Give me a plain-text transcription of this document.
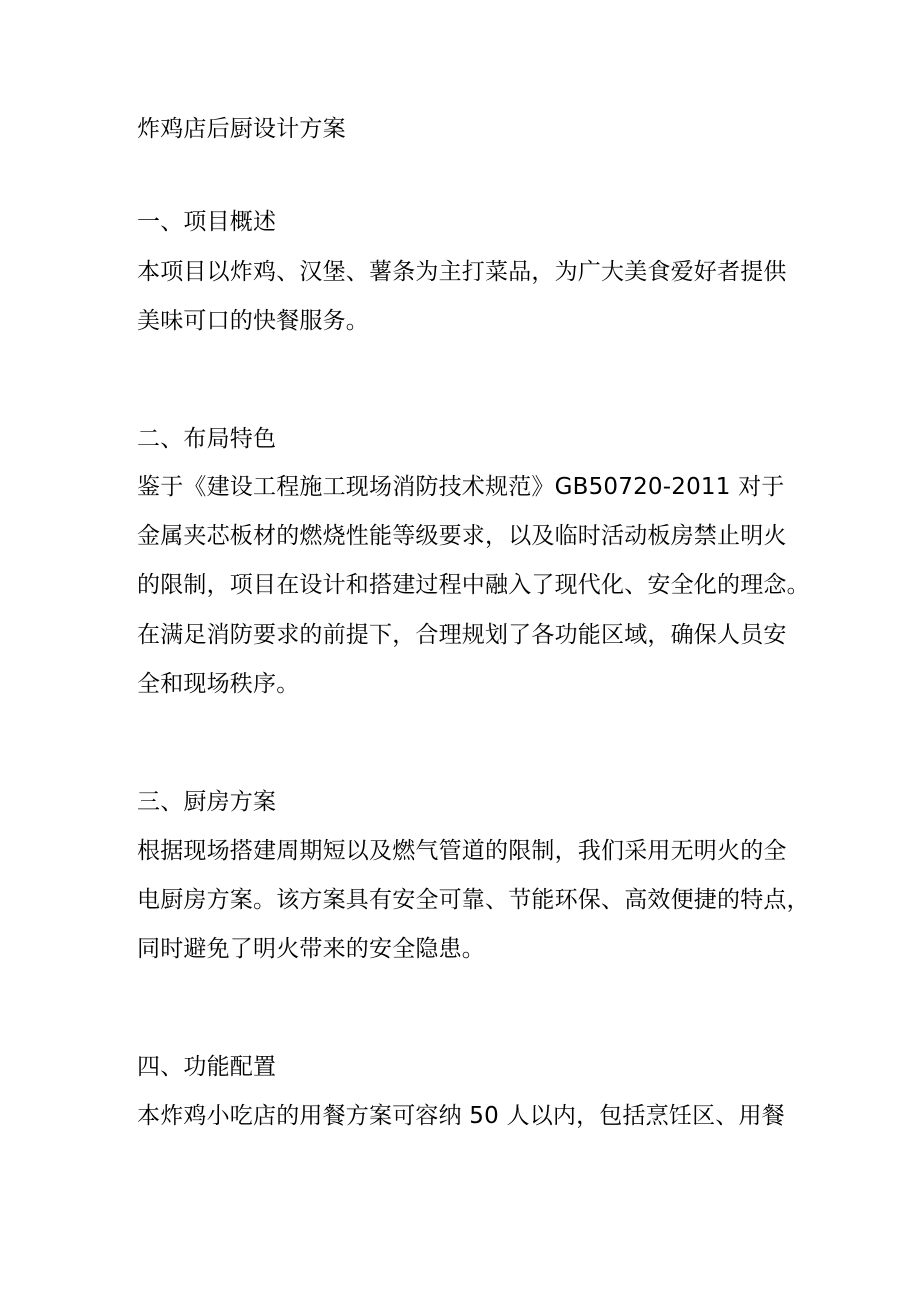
炸鸡店后厨设计方案
一、项目概述
本项目以炸鸡、汉堡、薯条为主打菜品，为广大美食爱好者提供
美味可口的快餐服务。
二、布局特色
鉴于《建设工程施工现场消防技术规范》GB50720-2011 对于
金属夹芯板材的燃烧性能等级要求，以及临时活动板房禁止明火
的限制，项目在设计和搭建过程中融入了现代化、安全化的理念。
在满足消防要求的前提下，合理规划了各功能区域，确保人员安
全和现场秩序。
三、厨房方案
根据现场搭建周期短以及燃气管道的限制，我们采用无明火的全
电厨房方案。该方案具有安全可靠、节能环保、高效便捷的特点，
同时避免了明火带来的安全隐患。
四、功能配置
本炸鸡小吃店的用餐方案可容纳 50 人以内，包括烹饪区、用餐
